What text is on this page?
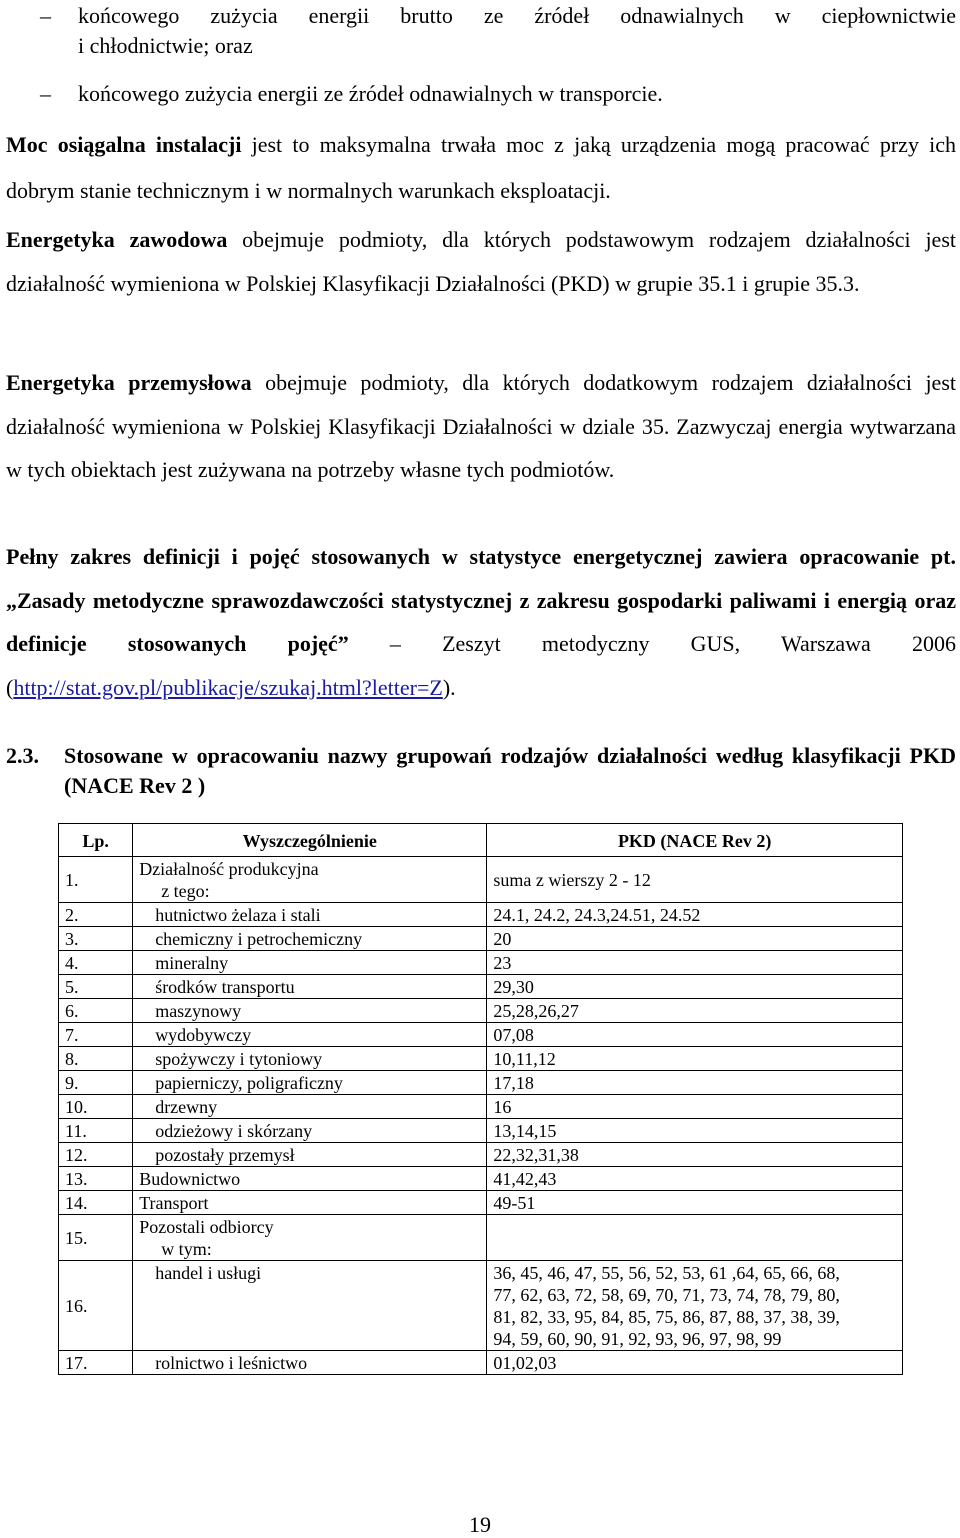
– końcowego zużycia energii brutto ze źródeł odnawialnych w ciepłownictwie
i chłodnictwie; oraz
– końcowego zużycia energii ze źródeł odnawialnych w transporcie.
Moc osiągalna instalacji jest to maksymalna trwała moc z jaką urządzenia mogą pracować przy ich dobrym stanie technicznym i w normalnych warunkach eksploatacji.
Energetyka zawodowa obejmuje podmioty, dla których podstawowym rodzajem działalności jest działalność wymieniona w Polskiej Klasyfikacji Działalności (PKD) w grupie 35.1 i grupie 35.3.
Energetyka przemysłowa obejmuje podmioty, dla których dodatkowym rodzajem działalności jest działalność wymieniona w Polskiej Klasyfikacji Działalności w dziale 35. Zazwyczaj energia wytwarzana w tych obiektach jest zużywana na potrzeby własne tych podmiotów.
Pełny zakres definicji i pojęć stosowanych w statystyce energetycznej zawiera opracowanie pt. „Zasady metodyczne sprawozdawczości statystycznej z zakresu gospodarki paliwami i energią oraz definicje stosowanych pojęć” – Zeszyt metodyczny GUS, Warszawa 2006 (http://stat.gov.pl/publikacje/szukaj.html?letter=Z).
2.3. Stosowane w opracowaniu nazwy grupowań rodzajów działalności według klasyfikacji PKD (NACE Rev 2 )
Lp.	Wyszczególnienie	PKD (NACE Rev 2)
1.	Działalność produkcyjna
z tego:	suma z wierszy 2 - 12
2.	hutnictwo żelaza i stali	24.1, 24.2, 24.3,24.51, 24.52
3.	chemiczny i petrochemiczny	20
4.	mineralny	23
5.	środków transportu	29,30
6.	maszynowy	25,28,26,27
7.	wydobywczy	07,08
8.	spożywczy i tytoniowy	10,11,12
9.	papierniczy, poligraficzny	17,18
10.	drzewny	16
11.	odzieżowy i skórzany	13,14,15
12.	pozostały przemysł	22,32,31,38
13.	Budownictwo	41,42,43
14.	Transport	49-51
15.	Pozostali odbiorcy
w tym:	

16.	handel i usługi	36, 45, 46, 47, 55, 56, 52, 53, 61 ,64, 65, 66, 68,
77, 62, 63, 72, 58, 69, 70, 71, 73, 74, 78, 79, 80,
81, 82, 33, 95, 84, 85, 75, 86, 87, 88, 37, 38, 39,
94, 59, 60, 90, 91, 92, 93, 96, 97, 98, 99

17.	rolnictwo i leśnictwo	01,02,03
19
